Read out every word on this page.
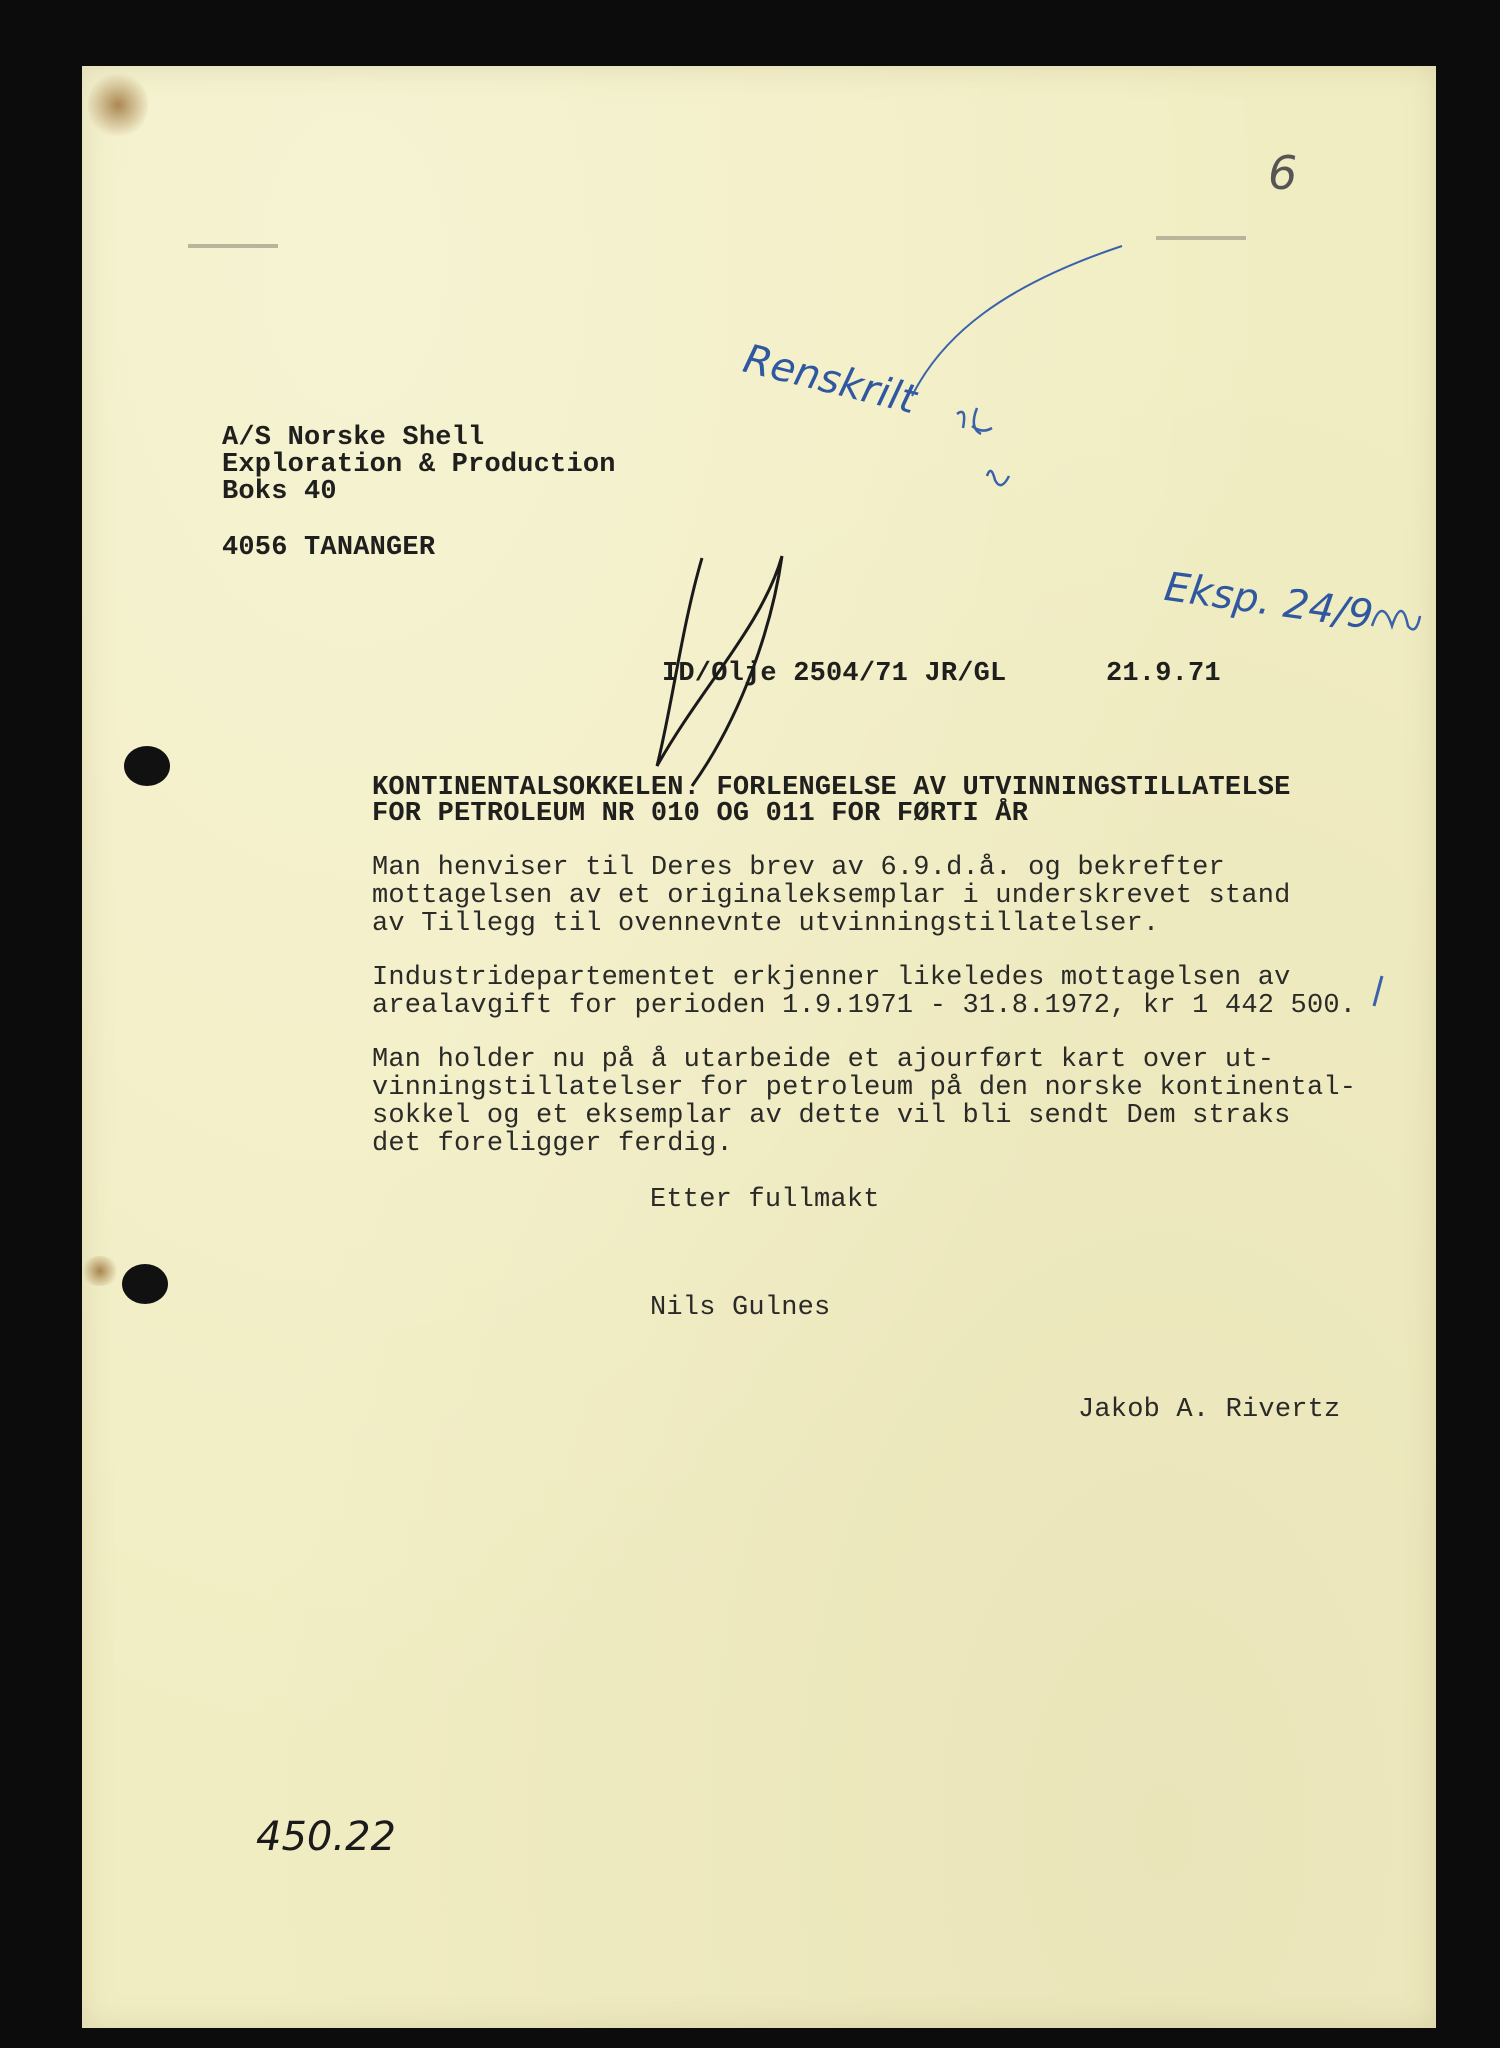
6
A/S Norske Shell
Exploration & Production
Boks 40
4056 TANANGER
Renskrilt
Eksp. 24/9
ID/Olje 2504/71 JR/GL	21.9.71
KONTINENTALSOKKELEN. FORLENGELSE AV UTVINNINGSTILLATELSE
FOR PETROLEUM NR 010 OG 011 FOR FØRTI ÅR
Man henviser til Deres brev av 6.9.d.å. og bekrefter
mottagelsen av et originaleksemplar i underskrevet stand
av Tillegg til ovennevnte utvinningstillatelser.
Industridepartementet erkjenner likeledes mottagelsen av
arealavgift for perioden 1.9.1971 - 31.8.1972, kr 1 442 500.
Man holder nu på å utarbeide et ajourført kart over ut-
vinningstillatelser for petroleum på den norske kontinental-
sokkel og et eksemplar av dette vil bli sendt Dem straks
det foreligger ferdig.
Etter fullmakt
Nils Gulnes
Jakob A. Rivertz
450.22
